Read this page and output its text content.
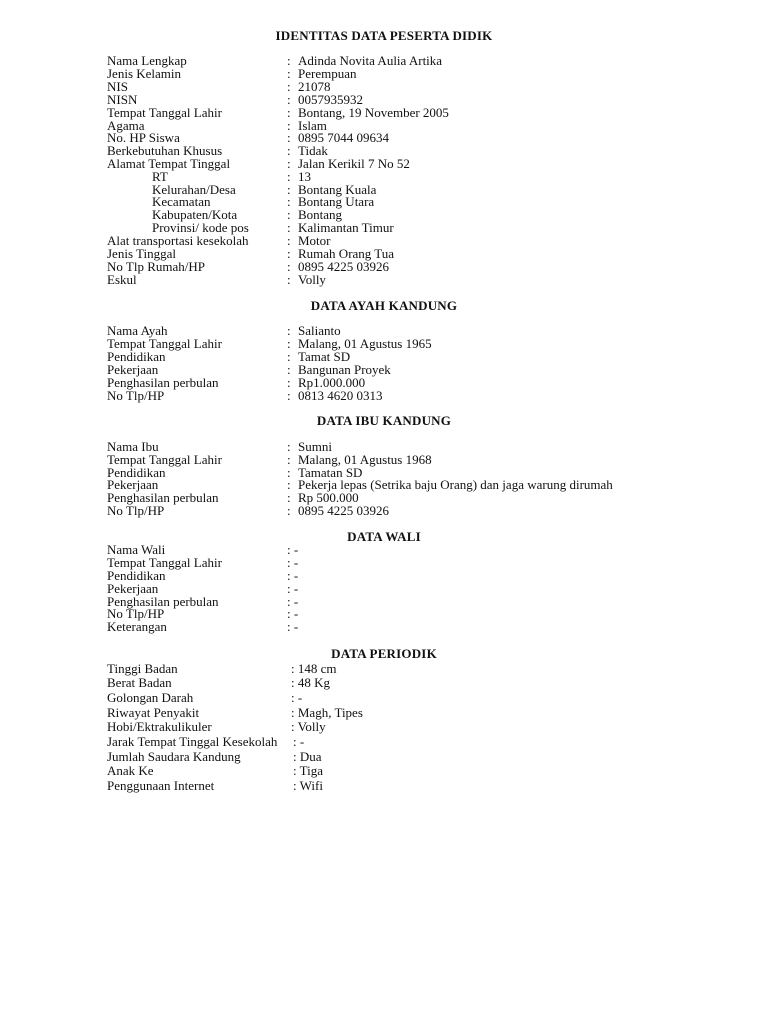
IDENTITAS DATA PESERTA DIDIK
Nama Lengkap	: Adinda Novita Aulia Artika
Jenis Kelamin	: Perempuan
NIS	: 21078
NISN	: 0057935932
Tempat Tanggal Lahir	: Bontang, 19 November 2005
Agama	: Islam
No. HP Siswa	: 0895 7044 09634
Berkebutuhan Khusus	: Tidak
Alamat Tempat Tinggal	: Jalan Kerikil 7 No 52
RT	: 13
Kelurahan/Desa	: Bontang Kuala
Kecamatan	: Bontang Utara
Kabupaten/Kota	: Bontang
Provinsi/ kode pos	: Kalimantan Timur
Alat transportasi kesekolah	: Motor
Jenis Tinggal	: Rumah Orang Tua
No Tlp Rumah/HP	: 0895 4225 03926
Eskul	: Volly
DATA AYAH KANDUNG
Nama Ayah	: Salianto
Tempat Tanggal Lahir	: Malang, 01 Agustus 1965
Pendidikan	: Tamat SD
Pekerjaan	: Bangunan Proyek
Penghasilan perbulan	: Rp1.000.000
No Tlp/HP	: 0813 4620 0313
DATA IBU KANDUNG
Nama Ibu	: Sumni
Tempat Tanggal Lahir	: Malang, 01 Agustus 1968
Pendidikan	: Tamatan SD
Pekerjaan	: Pekerja lepas (Setrika baju Orang) dan jaga warung dirumah
Penghasilan perbulan	: Rp 500.000
No Tlp/HP	: 0895 4225 03926
DATA WALI
Nama Wali	: -
Tempat Tanggal Lahir	: -
Pendidikan	: -
Pekerjaan	: -
Penghasilan perbulan	: -
No Tlp/HP	: -
Keterangan	: -
DATA PERIODIK
Tinggi Badan	: 148 cm
Berat Badan	: 48 Kg
Golongan Darah	: -
Riwayat Penyakit	: Magh, Tipes
Hobi/Ektrakulikuler	: Volly
Jarak Tempat Tinggal Kesekolah : -
Jumlah Saudara Kandung	: Dua
Anak Ke	: Tiga
Penggunaan Internet	: Wifi
